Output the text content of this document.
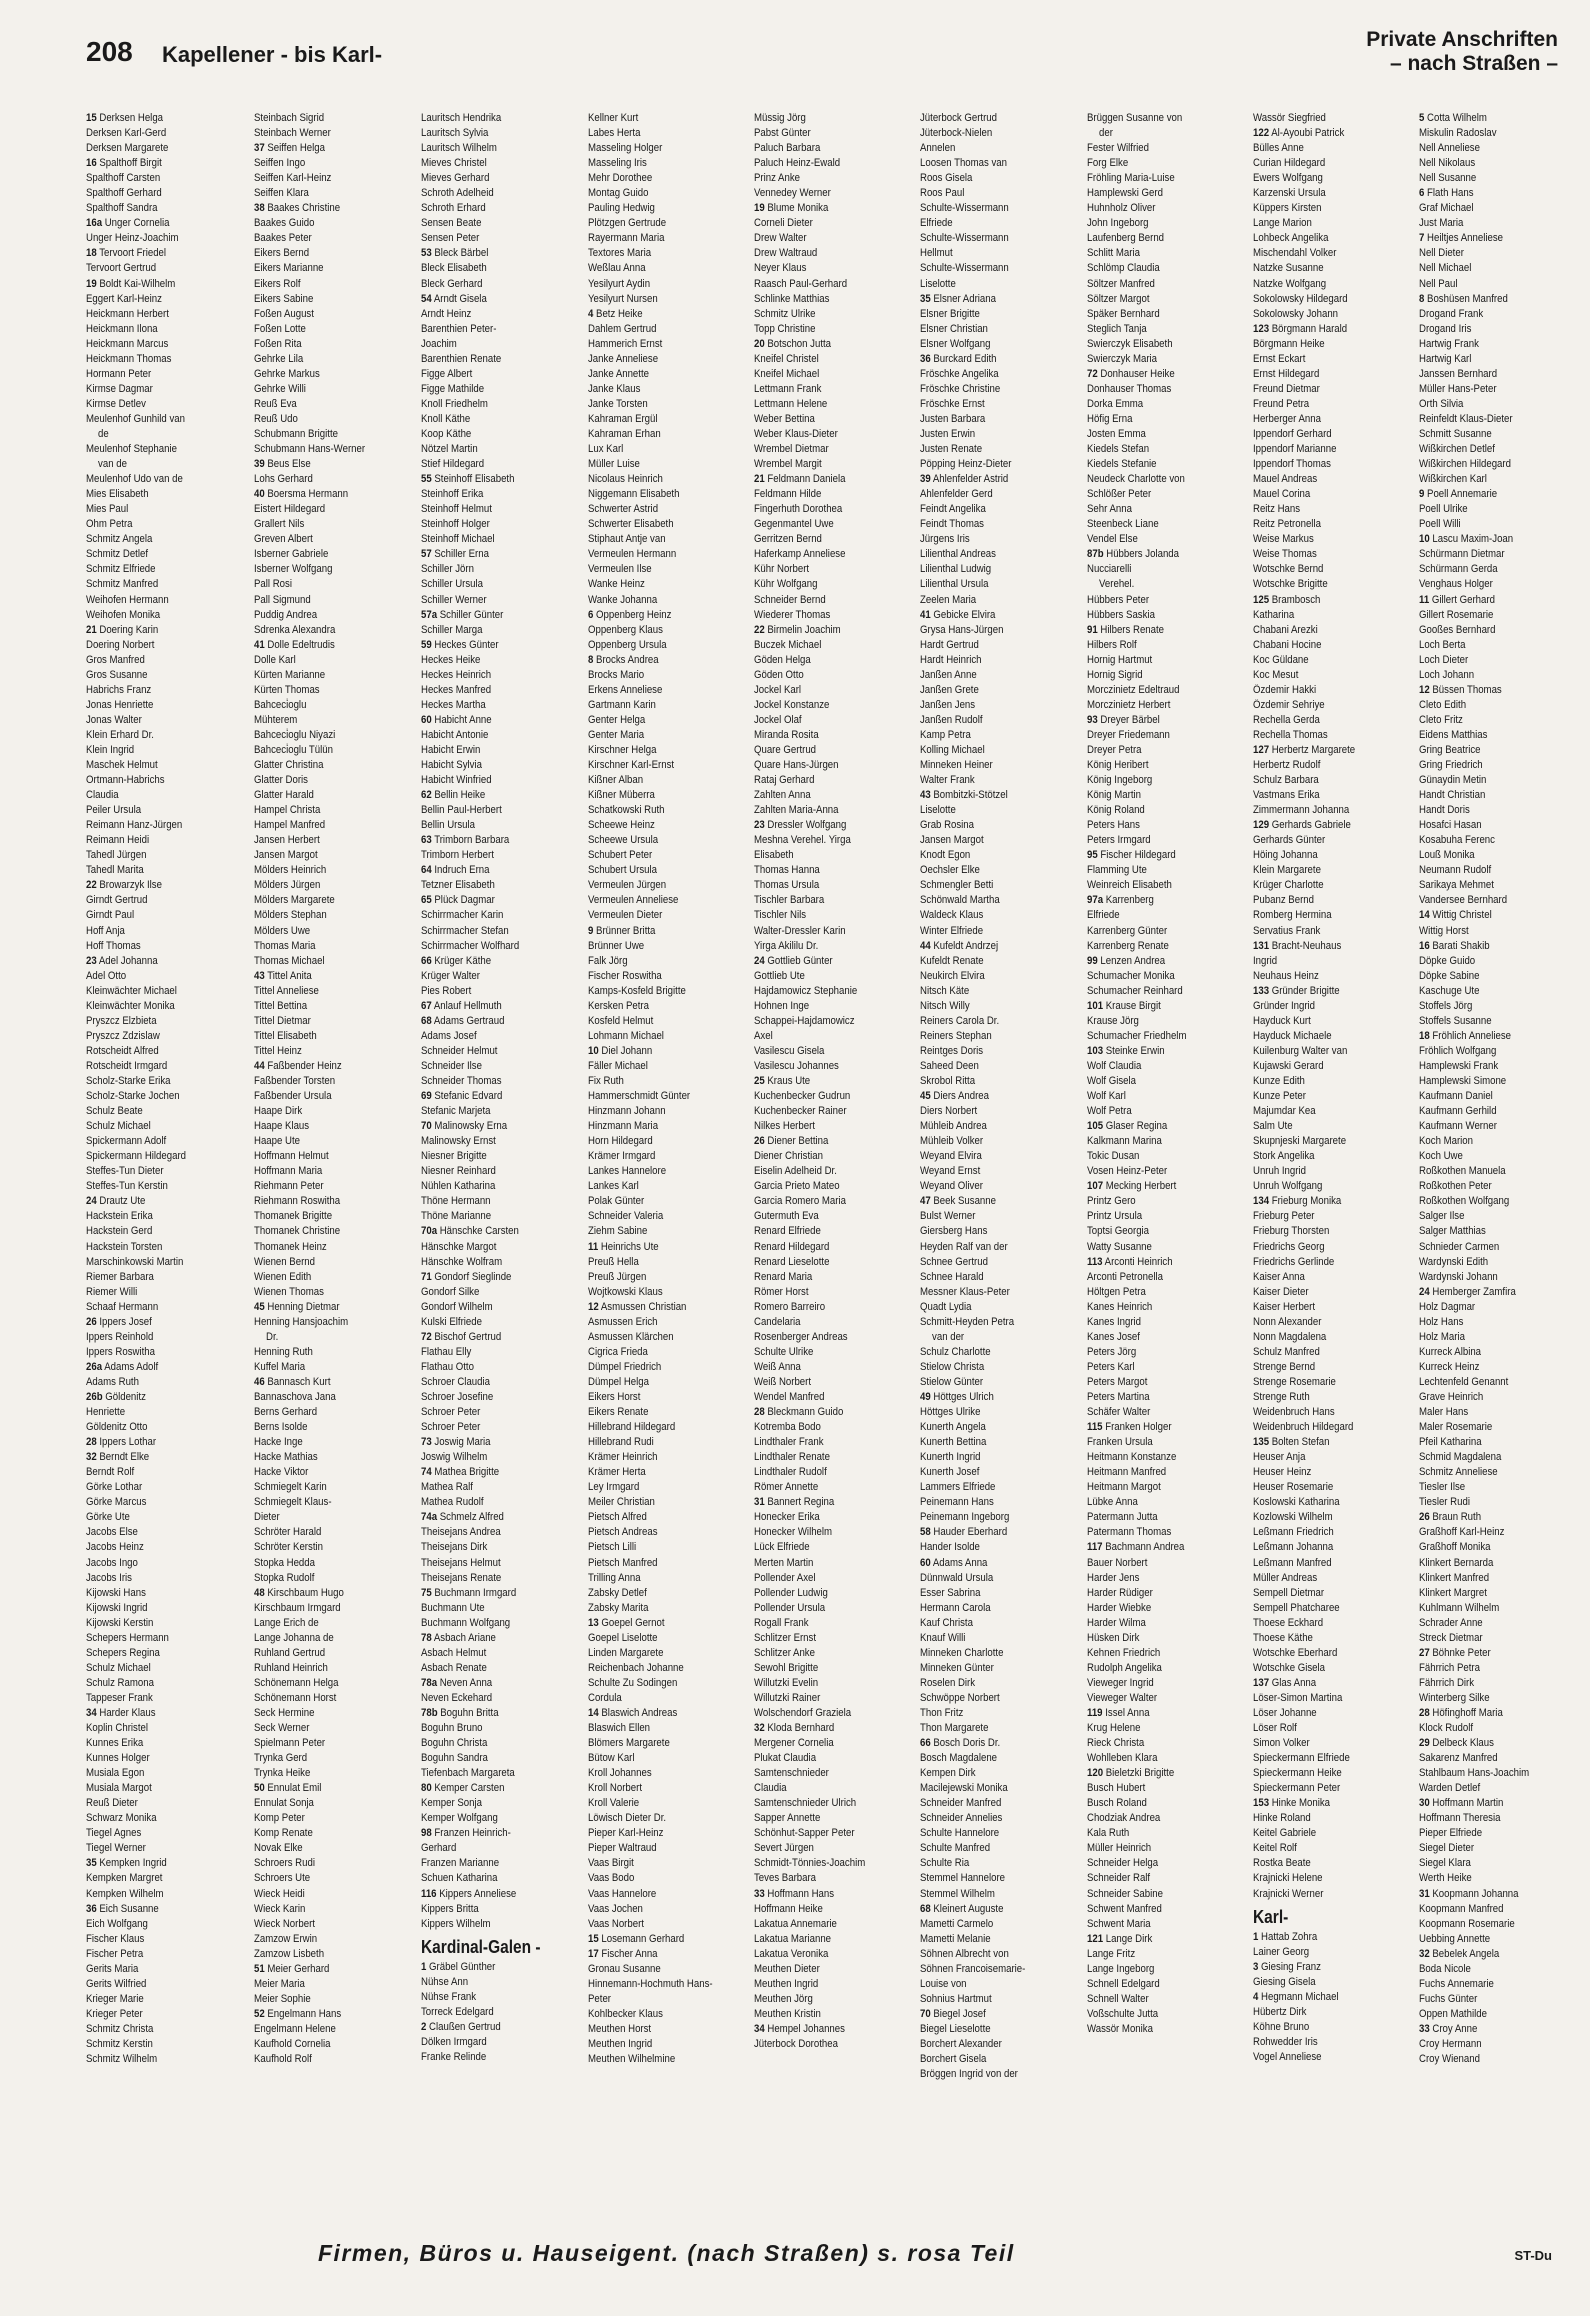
208 Kapellener - bis Karl-
Private Anschriften
– nach Straßen –
15 Derksen Helga
Derksen Karl-Gerd
Derksen Margarete
16 Spalthoff Birgit
Spalthoff Carsten
Spalthoff Gerhard
Spalthoff Sandra
16a Unger Cornelia
Unger Heinz-Joachim
18 Tervoort Friedel
Tervoort Gertrud
19 Boldt Kai-Wilhelm
Eggert Karl-Heinz
Heickmann Herbert
Heickmann Ilona
Heickmann Marcus
Heickmann Thomas
Hormann Peter
Kirmse Dagmar
Kirmse Detlev
Meulenhof Gunhild van
de
Meulenhof Stephanie
van de
Meulenhof Udo van de
Mies Elisabeth
Mies Paul
Ohm Petra
Schmitz Angela
Schmitz Detlef
Schmitz Elfriede
Schmitz Manfred
Weihofen Hermann
Weihofen Monika
21 Doering Karin
Doering Norbert
Gros Manfred
Gros Susanne
Habrichs Franz
Jonas Henriette
Jonas Walter
Klein Erhard Dr.
Klein Ingrid
Maschek Helmut
Ortmann-Habrichs
Claudia
Peiler Ursula
Reimann Hanz-Jürgen
Reimann Heidi
Tahedl Jürgen
Tahedl Marita
22 Browarzyk Ilse
Girndt Gertrud
Girndt Paul
Hoff Anja
Hoff Thomas
23 Adel Johanna
Adel Otto
Kleinwächter Michael
Kleinwächter Monika
Pryszcz Elzbieta
Pryszcz Zdzislaw
Rotscheidt Alfred
Rotscheidt Irmgard
Scholz-Starke Erika
Scholz-Starke Jochen
Schulz Beate
Schulz Michael
Spickermann Adolf
Spickermann Hildegard
Steffes-Tun Dieter
Steffes-Tun Kerstin
24 Drautz Ute
Hackstein Erika
Hackstein Gerd
Hackstein Torsten
Marschinkowski Martin
Riemer Barbara
Riemer Willi
Schaaf Hermann
26 Ippers Josef
Ippers Reinhold
Ippers Roswitha
26a Adams Adolf
Adams Ruth
26b Göldenitz
Henriette
Göldenitz Otto
28 Ippers Lothar
32 Berndt Elke
Berndt Rolf
Görke Lothar
Görke Marcus
Görke Ute
Jacobs Else
Jacobs Heinz
Jacobs Ingo
Jacobs Iris
Kijowski Hans
Kijowski Ingrid
Kijowski Kerstin
Schepers Hermann
Schepers Regina
Schulz Michael
Schulz Ramona
Tappeser Frank
34 Harder Klaus
Koplin Christel
Kunnes Erika
Kunnes Holger
Musiala Egon
Musiala Margot
Reuß Dieter
Schwarz Monika
Tiegel Agnes
Tiegel Werner
35 Kempken Ingrid
Kempken Margret
Kempken Wilhelm
36 Eich Susanne
Eich Wolfgang
Fischer Klaus
Fischer Petra
Gerits Maria
Gerits Wilfried
Krieger Marie
Krieger Peter
Schmitz Christa
Schmitz Kerstin
Schmitz Wilhelm
Steinbach Sigrid
Steinbach Werner
37 Seiffen Helga
Seiffen Ingo
Seiffen Karl-Heinz
Seiffen Klara
38 Baakes Christine
Baakes Guido
Baakes Peter
Eikers Bernd
Eikers Marianne
Eikers Rolf
Eikers Sabine
Foßen August
Foßen Lotte
Foßen Rita
Gehrke Lila
Gehrke Markus
Gehrke Willi
Reuß Eva
Reuß Udo
Schubmann Brigitte
Schubmann Hans-Werner
39 Beus Else
Lohs Gerhard
40 Boersma Hermann
Eistert Hildegard
Grallert Nils
Greven Albert
Isberner Gabriele
Isberner Wolfgang
Pall Rosi
Pall Sigmund
Puddig Andrea
Sdrenka Alexandra
41 Dolle Edeltrudis
Dolle Karl
Kürten Marianne
Kürten Thomas
Bahceci̇oglu
Mühterem
Bahceci̇oglu Niyazi
Bahceci̇oglu Tülün
Glatter Christina
Glatter Doris
Glatter Harald
Hampel Christa
Hampel Manfred
Jansen Herbert
Jansen Margot
Mölders Heinrich
Mölders Jürgen
Mölders Margarete
Mölders Stephan
Mölders Uwe
Thomas Maria
Thomas Michael
43 Tittel Anita
Tittel Anneliese
Tittel Bettina
Tittel Dietmar
Tittel Elisabeth
Tittel Heinz
44 Faßbender Heinz
Faßbender Torsten
Faßbender Ursula
Haape Dirk
Haape Klaus
Haape Ute
Hoffmann Helmut
Hoffmann Maria
Riehmann Peter
Riehmann Roswitha
Thomanek Brigitte
Thomanek Christine
Thomanek Heinz
Wienen Bernd
Wienen Edith
Wienen Thomas
45 Henning Dietmar
Henning Hansjoachim
Dr.
Henning Ruth
Kuffel Maria
46 Bannasch Kurt
Bannaschova Jana
Berns Gerhard
Berns Isolde
Hacke Inge
Hacke Mathias
Hacke Viktor
Schmiegelt Karin
Schmiegelt Klaus-
Dieter
Schröter Harald
Schröter Kerstin
Stopka Hedda
Stopka Rudolf
48 Kirschbaum Hugo
Kirschbaum Irmgard
Lange Erich de
Lange Johanna de
Ruhland Gertrud
Ruhland Heinrich
Schönemann Helga
Schönemann Horst
Seck Hermine
Seck Werner
Spielmann Peter
Trynka Gerd
Trynka Heike
50 Ennulat Emil
Ennulat Sonja
Komp Peter
Komp Renate
Novak Elke
Schroers Rudi
Schroers Ute
Wieck Heidi
Wieck Karin
Wieck Norbert
Zamzow Erwin
Zamzow Lisbeth
51 Meier Gerhard
Meier Maria
Meier Sophie
52 Engelmann Hans
Engelmann Helene
Kaufhold Cornelia
Kaufhold Rolf
Lauritsch Hendrika
Lauritsch Sylvia
Lauritsch Wilhelm
Mieves Christel
Mieves Gerhard
Schroth Adelheid
Schroth Erhard
Sensen Beate
Sensen Peter
53 Bleck Bärbel
Bleck Elisabeth
Bleck Gerhard
54 Arndt Gisela
Arndt Heinz
Barenthien Peter-
Joachim
Barenthien Renate
Figge Albert
Figge Mathilde
Knoll Friedhelm
Knoll Käthe
Koop Käthe
Nötzel Martin
Stief Hildegard
55 Steinhoff Elisabeth
Steinhoff Erika
Steinhoff Helmut
Steinhoff Holger
Steinhoff Michael
57 Schiller Erna
Schiller Jörn
Schiller Ursula
Schiller Werner
57a Schiller Günter
Schiller Marga
59 Heckes Günter
Heckes Heike
Heckes Heinrich
Heckes Manfred
Heckes Martha
60 Habicht Anne
Habicht Antonie
Habicht Erwin
Habicht Sylvia
Habicht Winfried
62 Bellin Heike
Bellin Paul-Herbert
Bellin Ursula
63 Trimborn Barbara
Trimborn Herbert
64 Indruch Erna
Tetzner Elisabeth
65 Plück Dagmar
Schirrmacher Karin
Schirrmacher Stefan
Schirrmacher Wolfhard
66 Krüger Käthe
Krüger Walter
Pies Robert
67 Anlauf Hellmuth
68 Adams Gertraud
Adams Josef
Schneider Helmut
Schneider Ilse
Schneider Thomas
69 Stefanic Edvard
Stefanic Marjeta
70 Malinowsky Erna
Malinowsky Ernst
Niesner Brigitte
Niesner Reinhard
Nühlen Katharina
Thöne Hermann
Thöne Marianne
70a Hänschke Carsten
Hänschke Margot
Hänschke Wolfram
71 Gondorf Sieglinde
Gondorf Silke
Gondorf Wilhelm
Kulski Elfriede
72 Bischof Gertrud
Flathau Elly
Flathau Otto
Schroer Claudia
Schroer Josefine
Schroer Peter
Schroer Peter
73 Joswig Maria
Joswig Wilhelm
74 Mathea Brigitte
Mathea Ralf
Mathea Rudolf
74a Schmelz Alfred
Theisejans Andrea
Theisejans Dirk
Theisejans Helmut
Theisejans Renate
75 Buchmann Irmgard
Buchmann Ute
Buchmann Wolfgang
78 Asbach Ariane
Asbach Helmut
Asbach Renate
78a Neven Anna
Neven Eckehard
78b Boguhn Britta
Boguhn Bruno
Boguhn Christa
Boguhn Sandra
Tiefenbach Margareta
80 Kemper Carsten
Kemper Sonja
Kemper Wolfgang
98 Franzen Heinrich-
Gerhard
Franzen Marianne
Schuen Katharina
116 Kippers Anneliese
Kippers Britta
Kippers Wilhelm
Kardinal-Galen -
1 Gräbel Günther
Nühse Ann
Nühse Frank
Torreck Edelgard
2 Claußen Gertrud
Dölken Irmgard
Franke Relinde
Kellner Kurt
Labes Herta
Masseling Holger
Masseling Iris
Mehr Dorothee
Montag Guido
Pauling Hedwig
Plötzgen Gertrude
Rayermann Maria
Textores Maria
Weßlau Anna
Yesilyurt Aydin
Yesilyurt Nursen
4 Betz Heike
Dahlem Gertrud
Hammerich Ernst
Janke Anneliese
Janke Annette
Janke Klaus
Janke Torsten
Kahraman Ergül
Kahraman Erhan
Lux Karl
Müller Luise
Nicolaus Heinrich
Niggemann Elisabeth
Schwerter Astrid
Schwerter Elisabeth
Stiphaut Antje van
Vermeulen Hermann
Vermeulen Ilse
Wanke Heinz
Wanke Johanna
6 Oppenberg Heinz
Oppenberg Klaus
Oppenberg Ursula
8 Brocks Andrea
Brocks Mario
Erkens Anneliese
Gartmann Karin
Genter Helga
Genter Maria
Kirschner Helga
Kirschner Karl-Ernst
Kißner Alban
Kißner Müberra
Schatkowski Ruth
Scheewe Heinz
Scheewe Ursula
Schubert Peter
Schubert Ursula
Vermeulen Jürgen
Vermeulen Anneliese
Vermeulen Dieter
9 Brünner Britta
Brünner Uwe
Falk Jörg
Fischer Roswitha
Kamps-Kosfeld Brigitte
Kersken Petra
Kosfeld Helmut
Lohmann Michael
10 Diel Johann
Fäller Michael
Fix Ruth
Hammerschmidt Günter
Hinzmann Johann
Hinzmann Maria
Horn Hildegard
Krämer Irmgard
Lankes Hannelore
Lankes Karl
Polak Günter
Schneider Valeria
Ziehm Sabine
11 Heinrichs Ute
Preuß Hella
Preuß Jürgen
Wojtkowski Klaus
12 Asmussen Christian
Asmussen Erich
Asmussen Klärchen
Cigrica Frieda
Dümpel Friedrich
Dümpel Helga
Eikers Horst
Eikers Renate
Hillebrand Hildegard
Hillebrand Rudi
Krämer Heinrich
Krämer Herta
Ley Irmgard
Meiler Christian
Pietsch Alfred
Pietsch Andreas
Pietsch Lilli
Pietsch Manfred
Trilling Anna
Zabsky Detlef
Zabsky Marita
13 Goepel Gernot
Goepel Liselotte
Linden Margarete
Reichenbach Johanne
Schulte Zu Sodingen
Cordula
14 Blaswich Andreas
Blaswich Ellen
Blömers Margarete
Bütow Karl
Kroll Johannes
Kroll Norbert
Kroll Valerie
Löwisch Dieter Dr.
Pieper Karl-Heinz
Pieper Waltraud
Vaas Birgit
Vaas Bodo
Vaas Hannelore
Vaas Jochen
Vaas Norbert
15 Losemann Gerhard
17 Fischer Anna
Gronau Susanne
Hinnemann-Hochmuth Hans-
Peter
Kohlbecker Klaus
Meuthen Horst
Meuthen Ingrid
Meuthen Wilhelmine
Müssig Jörg
Pabst Günter
Paluch Barbara
Paluch Heinz-Ewald
Prinz Anke
Vennedey Werner
19 Blume Monika
Corneli Dieter
Drew Walter
Drew Waltraud
Neyer Klaus
Raasch Paul-Gerhard
Schlinke Matthias
Schmitz Ulrike
Topp Christine
20 Botschon Jutta
Kneifel Christel
Kneifel Michael
Lettmann Frank
Lettmann Helene
Weber Bettina
Weber Klaus-Dieter
Wrembel Dietmar
Wrembel Margit
21 Feldmann Daniela
Feldmann Hilde
Fingerhuth Dorothea
Gegenmantel Uwe
Gerritzen Bernd
Haferkamp Anneliese
Kühr Norbert
Kühr Wolfgang
Schneider Bernd
Wiederer Thomas
22 Birmelin Joachim
Buczek Michael
Göden Helga
Göden Otto
Jockel Karl
Jockel Konstanze
Jockel Olaf
Miranda Rosita
Quare Gertrud
Quare Hans-Jürgen
Rataj Gerhard
Zahlten Anna
Zahlten Maria-Anna
23 Dressler Wolfgang
Meshna Verehel. Yirga
Elisabeth
Thomas Hanna
Thomas Ursula
Tischler Barbara
Tischler Nils
Walter-Dressler Karin
Yirga Akililu Dr.
24 Gottlieb Günter
Gottlieb Ute
Hajdamowicz Stephanie
Hohnen Inge
Schappei-Hajdamowicz
Axel
Vasilescu Gisela
Vasilescu Johannes
25 Kraus Ute
Kuchenbecker Gudrun
Kuchenbecker Rainer
Nilkes Herbert
26 Diener Bettina
Diener Christian
Eiselin Adelheid Dr.
Garcia Prieto Mateo
Garcia Romero Maria
Gutermuth Eva
Renard Elfriede
Renard Hildegard
Renard Lieselotte
Renard Maria
Römer Horst
Romero Barreiro
Candelaria
Rosenberger Andreas
Schulte Ulrike
Weiß Anna
Weiß Norbert
Wendel Manfred
28 Bleckmann Guido
Kotremba Bodo
Lindthaler Frank
Lindthaler Renate
Lindthaler Rudolf
Römer Annette
31 Bannert Regina
Honecker Erika
Honecker Wilhelm
Lück Elfriede
Merten Martin
Pollender Axel
Pollender Ludwig
Pollender Ursula
Rogall Frank
Schlitzer Ernst
Schlitzer Anke
Sewohl Brigitte
Willutzki Evelin
Willutzki Rainer
Wolschendorf Graziela
32 Kloda Bernhard
Mergener Cornelia
Plukat Claudia
Samtenschnieder
Claudia
Samtenschnieder Ulrich
Sapper Annette
Schönhut-Sapper Peter
Severt Jürgen
Schmidt-Tönnies-Joachim
Teves Barbara
33 Hoffmann Hans
Hoffmann Heike
Lakatua Annemarie
Lakatua Marianne
Lakatua Veronika
Meuthen Dieter
Meuthen Ingrid
Meuthen Jörg
Meuthen Kristin
34 Hempel Johannes
Jüterbock Dorothea
Jüterbock Gertrud
Jüterbock-Nielen
Annelen
Loosen Thomas van
Roos Gisela
Roos Paul
Schulte-Wissermann
Elfriede
Schulte-Wissermann
Hellmut
Schulte-Wissermann
Liselotte
35 Elsner Adriana
Elsner Brigitte
Elsner Christian
Elsner Wolfgang
36 Burckard Edith
Fröschke Angelika
Fröschke Christine
Fröschke Ernst
Justen Barbara
Justen Erwin
Justen Renate
Pöpping Heinz-Dieter
39 Ahlenfelder Astrid
Ahlenfelder Gerd
Feindt Angelika
Feindt Thomas
Jürgens Iris
Lilienthal Andreas
Lilienthal Ludwig
Lilienthal Ursula
Zeelen Maria
41 Gebicke Elvira
Grysa Hans-Jürgen
Hardt Gertrud
Hardt Heinrich
Janßen Anne
Janßen Grete
Janßen Jens
Janßen Rudolf
Kamp Petra
Kolling Michael
Minneken Heiner
Walter Frank
43 Bombitzki-Stötzel
Liselotte
Grab Rosina
Jansen Margot
Knodt Egon
Oechsler Elke
Schmengler Betti
Schönwald Martha
Waldeck Klaus
Winter Elfriede
44 Kufeldt Andrzej
Kufeldt Renate
Neukirch Elvira
Nitsch Käte
Nitsch Willy
Reiners Carola Dr.
Reiners Stephan
Reintges Doris
Saheed Deen
Skrobol Ritta
45 Diers Andrea
Diers Norbert
Mühleib Andrea
Mühleib Volker
Weyand Elvira
Weyand Ernst
Weyand Oliver
47 Beek Susanne
Bulst Werner
Giersberg Hans
Heyden Ralf van der
Schnee Gertrud
Schnee Harald
Messner Klaus-Peter
Quadt Lydia
Schmitt-Heyden Petra
van der
Schulz Charlotte
Stielow Christa
Stielow Günter
49 Höttges Ulrich
Höttges Ulrike
Kunerth Angela
Kunerth Bettina
Kunerth Ingrid
Kunerth Josef
Lammers Elfriede
Peinemann Hans
Peinemann Ingeborg
58 Hauder Eberhard
Hander Isolde
60 Adams Anna
Dünnwald Ursula
Esser Sabrina
Hermann Carola
Kauf Christa
Knauf Willi
Minneken Charlotte
Minneken Günter
Roselen Dirk
Schwöppe Norbert
Thon Fritz
Thon Margarete
66 Bosch Doris Dr.
Bosch Magdalene
Kempen Dirk
Macilejewski Monika
Schneider Manfred
Schneider Annelies
Schulte Hannelore
Schulte Manfred
Schulte Ria
Stemmel Hannelore
Stemmel Wilhelm
68 Kleinert Auguste
Mametti Carmelo
Mametti Melanie
Söhnen Albrecht von
Söhnen Francoisemarie-
Louise von
Sohnius Hartmut
70 Biegel Josef
Biegel Lieselotte
Borchert Alexander
Borchert Gisela
Bröggen Ingrid von der
Brüggen Susanne von
der
Fester Wilfried
Forg Elke
Fröhling Maria-Luise
Hamplewski Gerd
Huhnholz Oliver
John Ingeborg
Laufenberg Bernd
Schlitt Maria
Schlömp Claudia
Söltzer Manfred
Söltzer Margot
Späker Bernhard
Steglich Tanja
Swierczyk Elisabeth
Swierczyk Maria
72 Donhauser Heike
Donhauser Thomas
Dorka Emma
Höfig Erna
Josten Emma
Kiedels Stefan
Kiedels Stefanie
Neudeck Charlotte von
Schlößer Peter
Sehr Anna
Steenbeck Liane
Vendel Else
87b Hübbers Jolanda
Nucciarelli
Verehel.
Hübbers Peter
Hübbers Saskia
91 Hilbers Renate
Hilbers Rolf
Hornig Hartmut
Hornig Sigrid
Morczinietz Edeltraud
Morczinietz Herbert
93 Dreyer Bärbel
Dreyer Friedemann
Dreyer Petra
König Heribert
König Ingeborg
König Martin
König Roland
Peters Hans
Peters Irmgard
95 Fischer Hildegard
Flamming Ute
Weinreich Elisabeth
97a Karrenberg
Elfriede
Karrenberg Günter
Karrenberg Renate
99 Lenzen Andrea
Schumacher Monika
Schumacher Reinhard
101 Krause Birgit
Krause Jörg
Schumacher Friedhelm
103 Steinke Erwin
Wolf Claudia
Wolf Gisela
Wolf Karl
Wolf Petra
105 Glaser Regina
Kalkmann Marina
Tokic Dusan
Vosen Heinz-Peter
107 Mecking Herbert
Printz Gero
Printz Ursula
Toptsi Georgia
Watty Susanne
113 Arconti Heinrich
Arconti Petronella
Höltgen Petra
Kanes Heinrich
Kanes Ingrid
Kanes Josef
Peters Jörg
Peters Karl
Peters Margot
Peters Martina
Schäfer Walter
115 Franken Holger
Franken Ursula
Heitmann Konstanze
Heitmann Manfred
Heitmann Margot
Lübke Anna
Patermann Jutta
Patermann Thomas
117 Bachmann Andrea
Bauer Norbert
Harder Jens
Harder Rüdiger
Harder Wiebke
Harder Wilma
Hüsken Dirk
Kehnen Friedrich
Rudolph Angelika
Vieweger Ingrid
Vieweger Walter
119 Issel Anna
Krug Helene
Rieck Christa
Wohlleben Klara
120 Bieletzki Brigitte
Busch Hubert
Busch Roland
Chodziak Andrea
Kala Ruth
Müller Heinrich
Schneider Helga
Schneider Ralf
Schneider Sabine
Schwent Manfred
Schwent Maria
121 Lange Dirk
Lange Fritz
Lange Ingeborg
Schnell Edelgard
Schnell Walter
Voßschulte Jutta
Wassör Monika
Wassör Siegfried
122 Al-Ayoubi Patrick
Bülles Anne
Curian Hildegard
Ewers Wolfgang
Karzenski Ursula
Küppers Kirsten
Lange Marion
Lohbeck Angelika
Mischendahl Volker
Natzke Susanne
Natzke Wolfgang
Sokolowsky Hildegard
Sokolowsky Johann
123 Börgmann Harald
Börgmann Heike
Ernst Eckart
Ernst Hildegard
Freund Dietmar
Freund Petra
Herberger Anna
Ippendorf Gerhard
Ippendorf Marianne
Ippendorf Thomas
Mauel Andreas
Mauel Corina
Reitz Hans
Reitz Petronella
Weise Markus
Weise Thomas
Wotschke Bernd
Wotschke Brigitte
125 Brambosch
Katharina
Chabani Arezki
Chabani Hocine
Koc Güldane
Koc Mesut
Özdemir Hakki
Özdemir Sehriye
Rechella Gerda
Rechella Thomas
127 Herbertz Margarete
Herbertz Rudolf
Schulz Barbara
Vastmans Erika
Zimmermann Johanna
129 Gerhards Gabriele
Gerhards Günter
Höing Johanna
Klein Margarete
Krüger Charlotte
Pubanz Bernd
Romberg Hermina
Servatius Frank
131 Bracht-Neuhaus
Ingrid
Neuhaus Heinz
133 Gründer Brigitte
Gründer Ingrid
Hayduck Kurt
Hayduck Michaele
Kuilenburg Walter van
Kujawski Gerard
Kunze Edith
Kunze Peter
Majumdar Kea
Salm Ute
Skupnjeski Margarete
Stork Angelika
Unruh Ingrid
Unruh Wolfgang
134 Frieburg Monika
Frieburg Peter
Frieburg Thorsten
Friedrichs Georg
Friedrichs Gerlinde
Kaiser Anna
Kaiser Dieter
Kaiser Herbert
Nonn Alexander
Nonn Magdalena
Schulz Manfred
Strenge Bernd
Strenge Rosemarie
Strenge Ruth
Weidenbruch Hans
Weidenbruch Hildegard
135 Bolten Stefan
Heuser Anja
Heuser Heinz
Heuser Rosemarie
Koslowski Katharina
Kozlowski Wilhelm
Leßmann Friedrich
Leßmann Johanna
Leßmann Manfred
Müller Andreas
Sempell Dietmar
Sempell Phatcharee
Thoese Eckhard
Thoese Käthe
Wotschke Eberhard
Wotschke Gisela
137 Glas Anna
Löser-Simon Martina
Löser Johanne
Löser Rolf
Simon Volker
Spieckermann Elfriede
Spieckermann Heike
Spieckermann Peter
153 Hinke Monika
Hinke Roland
Keitel Gabriele
Keitel Rolf
Rostka Beate
Krajnicki Helene
Krajnicki Werner
Karl-
1 Hattab Zohra
Lainer Georg
3 Giesing Franz
Giesing Gisela
4 Hegmann Michael
Hübertz Dirk
Köhne Bruno
Rohwedder Iris
Vogel Anneliese
5 Cotta Wilhelm
Miskulin Radoslav
Nell Anneliese
Nell Nikolaus
Nell Susanne
6 Flath Hans
Graf Michael
Just Maria
7 Heiltjes Anneliese
Nell Dieter
Nell Michael
Nell Paul
8 Boshüsen Manfred
Drogand Frank
Drogand Iris
Hartwig Frank
Hartwig Karl
Janssen Bernhard
Müller Hans-Peter
Orth Silvia
Reinfeldt Klaus-Dieter
Schmitt Susanne
Wißkirchen Detlef
Wißkirchen Hildegard
Wißkirchen Karl
9 Poell Annemarie
Poell Ulrike
Poell Willi
10 Lascu Maxim-Joan
Schürmann Dietmar
Schürmann Gerda
Venghaus Holger
11 Gillert Gerhard
Gillert Rosemarie
Gooßes Bernhard
Loch Berta
Loch Dieter
Loch Johann
12 Büssen Thomas
Cleto Edith
Cleto Fritz
Eidens Matthias
Gring Beatrice
Gring Friedrich
Günaydin Metin
Handt Christian
Handt Doris
Hosafci Hasan
Kosabuha Ferenc
Louß Monika
Neumann Rudolf
Sarikaya Mehmet
Vandersee Bernhard
14 Wittig Christel
Wittig Horst
16 Barati Shakib
Döpke Guido
Döpke Sabine
Kaschuge Ute
Stoffels Jörg
Stoffels Susanne
18 Fröhlich Anneliese
Fröhlich Wolfgang
Hamplewski Frank
Hamplewski Simone
Kaufmann Daniel
Kaufmann Gerhild
Kaufmann Werner
Koch Marion
Koch Uwe
Roßkothen Manuela
Roßkothen Peter
Roßkothen Wolfgang
Salger Ilse
Salger Matthias
Schnieder Carmen
Wardynski Edith
Wardynski Johann
24 Hemberger Zamfira
Holz Dagmar
Holz Hans
Holz Maria
Kurreck Albina
Kurreck Heinz
Lechtenfeld Genannt
Grave Heinrich
Maler Hans
Maler Rosemarie
Pfeil Katharina
Schmid Magdalena
Schmitz Anneliese
Tiesler Ilse
Tiesler Rudi
26 Braun Ruth
Graßhoff Karl-Heinz
Graßhoff Monika
Klinkert Bernarda
Klinkert Manfred
Klinkert Margret
Kuhlmann Wilhelm
Schrader Anne
Streck Dietmar
27 Böhnke Peter
Fährrich Petra
Fährrich Dirk
Winterberg Silke
28 Höfinghoff Maria
Klock Rudolf
29 Delbeck Klaus
Sakarenz Manfred
Stahlbaum Hans-Joachim
Warden Detlef
30 Hoffmann Martin
Hoffmann Theresia
Pieper Elfriede
Siegel Dieter
Siegel Klara
Werth Heike
31 Koopmann Johanna
Koopmann Manfred
Koopmann Rosemarie
Uebbing Annette
32 Bebelek Angela
Boda Nicole
Fuchs Annemarie
Fuchs Günter
Oppen Mathilde
33 Croy Anne
Croy Hermann
Croy Wienand
Firmen, Büros u. Hauseigent. (nach Straßen) s. rosa Teil	ST-Du
